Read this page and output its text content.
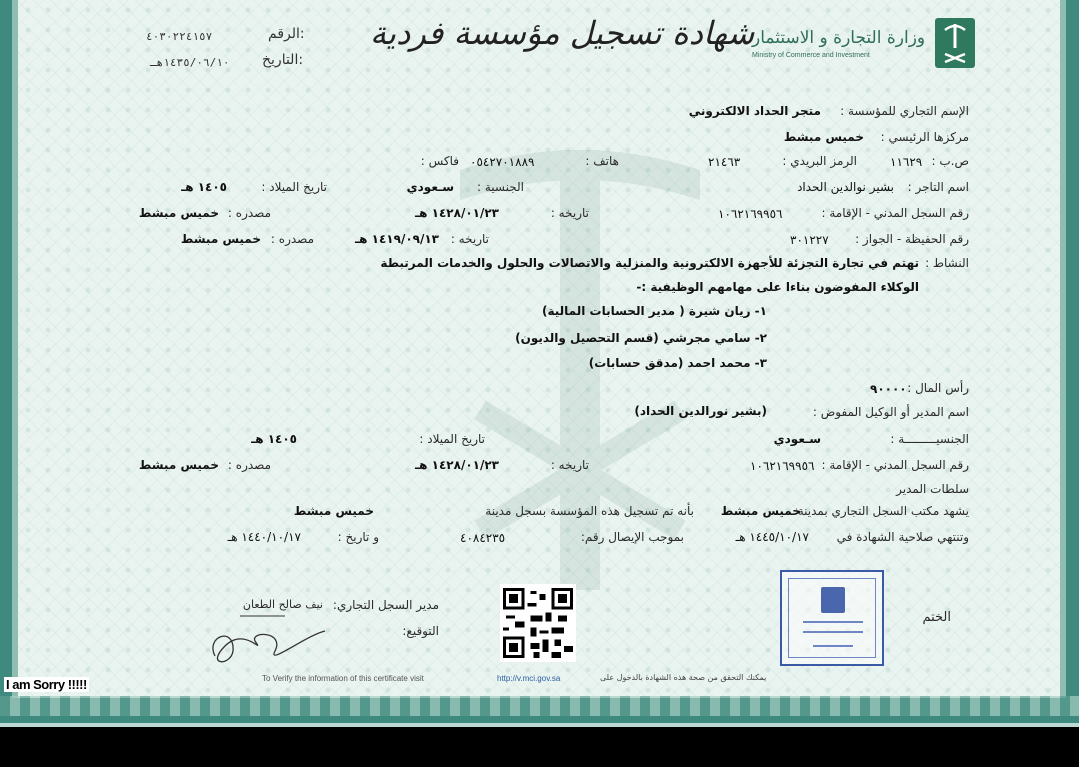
وزارة التجارة و الاستثمار
Ministry of Commerce and Investment
شهادة تسجيل مؤسسة فردية
الرقم:
٤٠٣٠٢٢٤١٥٧
التاريخ:
١٤٣٥/٠٦/١٠هـ
الإسم التجاري للمؤسسة :
متجر الحداد الالكتروني
مركزها الرئيسي :
خميس مبشط
ص.ب :
١١٦٢٩
الرمز البريدي :
٢١٤٦٣
هاتف :
٠٥٤٢٧٠١٨٨٩
فاكس :
اسم التاجر :
بشير نوالدين الحداد
الجنسية :
سـعودي
تاريخ الميلاد :
١٤٠٥ هـ
رقم السجل المدني - الإقامة :
١٠٦٢١٦٩٩٥٦
تاريخه :
١٤٢٨/٠١/٢٣ هـ
مصدره :
خميس مبشط
رقم الحفيظة - الجواز :
٣٠١٢٢٧
تاريخه :
١٤١٩/٠٩/١٣ هـ
مصدره :
خميس مبشط
النشاط :
تهتم في تجارة التجزئة للأجهزة الالكترونية والمنزلية والاتصالات والحلول والخدمات المرتبطة
الوكلاء المفوضون بناءا على مهامهم الوظيفية :-
١- ريان شيرة ( مدير الحسابات المالية)
٢- سامي مجرشي (قسم التحصيل والديون)
٣- محمد احمد (مدقق حسابات)
رأس المال :
٩٠٠٠٠
اسم المدير أو الوكيل المفوض :
(بشير نورالدين الحداد)
الجنسيـــــــــة :
سـعودي
تاريخ الميلاد :
١٤٠٥ هـ
رقم السجل المدني - الإقامة :
١٠٦٢١٦٩٩٥٦
تاريخه :
١٤٢٨/٠١/٢٣ هـ
مصدره :
خميس مبشط
سلطات المدير
يشهد مكتب السجل التجاري بمدينة
خميس مبشط
بأنه تم تسجيل هذه المؤسسة بسجل مدينة
خميس مبشط
وتنتهي صلاحية الشهادة في
١٤٤٥/١٠/١٧ هـ
بموجب الإيصال رقم:
٤٠٨٤٢٣٥
و تاريخ :
١٤٤٠/١٠/١٧ هـ
الختم
مدير السجل التجاري:
نيف صالح الطعان
التوقيع:
To Verify the information of this certificate visit	http://v.mci.gov.sa	يمكنك التحقق من صحة هذه الشهادة بالدخول على
I am Sorry !!!!!
